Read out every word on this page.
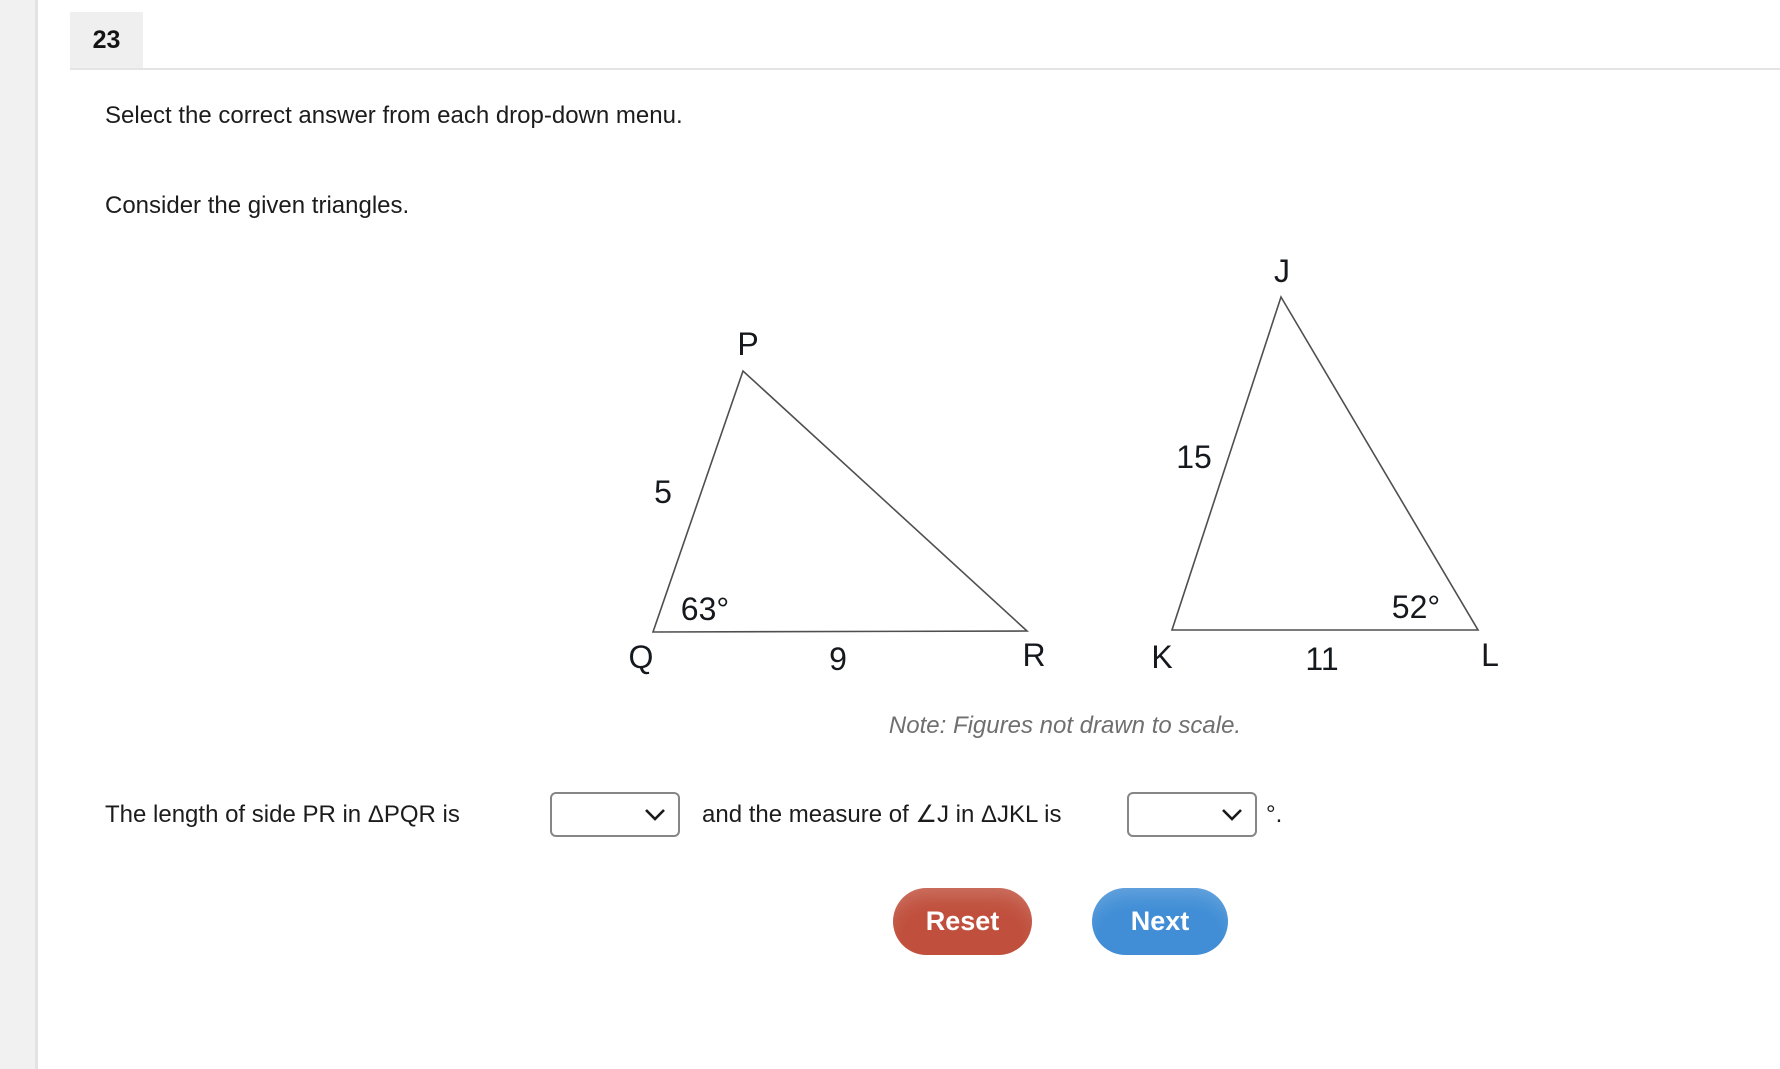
23
Select the correct answer from each drop-down menu.
Consider the given triangles.
P
5
63°
Q	9	R
J
15
52°
K	11	L
Note: Figures not drawn to scale.
The length of side PR in ΔPQR is	and the measure of ∠J in ΔJKL is	°.
Reset	Next
